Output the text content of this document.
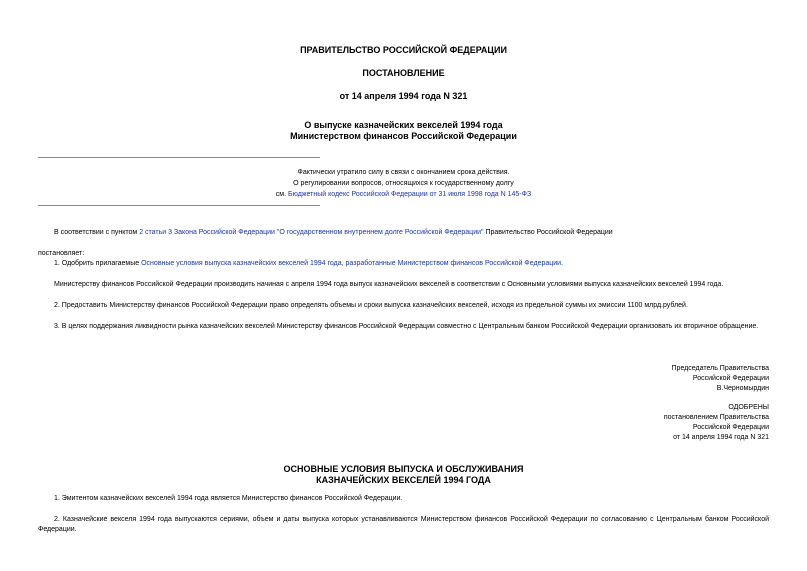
ПРАВИТЕЛЬСТВО РОССИЙСКОЙ ФЕДЕРАЦИИ
ПОСТАНОВЛЕНИЕ
от 14 апреля 1994 года N 321
О выпуске казначейских векселей 1994 года
Министерством финансов Российской Федерации
Фактически утратило силу в связи с окончанием срока действия.
О регулировании вопросов, относящихся к государственному долгу
см. Бюджетный кодекс Российской Федерации от 31 июля 1998 года N 145-ФЗ
В соответствии с пунктом 2 статьи 3 Закона Российской Федерации "О государственном внутреннем долге Российской Федерации" Правительство Российской Федерации
постановляет:
1. Одобрить прилагаемые Основные условия выпуска казначейских векселей 1994 года, разработанные Министерством финансов Российской Федерации.
Министерству финансов Российской Федерации производить начиная с апреля 1994 года выпуск казначейских векселей в соответствии с Основными условиями выпуска казначейских векселей 1994 года.
2. Предоставить Министерству финансов Российской Федерации право определять объемы и сроки выпуска казначейских векселей, исходя из предельной суммы их эмиссии 1100 млрд.рублей.
3. В целях поддержания ликвидности рынка казначейских векселей Министерству финансов Российской Федерации совместно с Центральным банком Российской Федерации организовать их вторичное обращение.
Председатель Правительства
Российской Федерации
В.Черномырдин
ОДОБРЕНЫ
постановлением Правительства
Российской Федерации
от 14 апреля 1994 года N 321
ОСНОВНЫЕ УСЛОВИЯ ВЫПУСКА И ОБСЛУЖИВАНИЯ
КАЗНАЧЕЙСКИХ ВЕКСЕЛЕЙ 1994 ГОДА
1. Эмитентом казначейских векселей 1994 года является Министерство финансов Российской Федерации.
2. Казначейские векселя 1994 года выпускаются сериями, объем и даты выпуска которых устанавливаются Министерством финансов Российской Федерации по согласованию с Центральным банком Российской Федерации.
